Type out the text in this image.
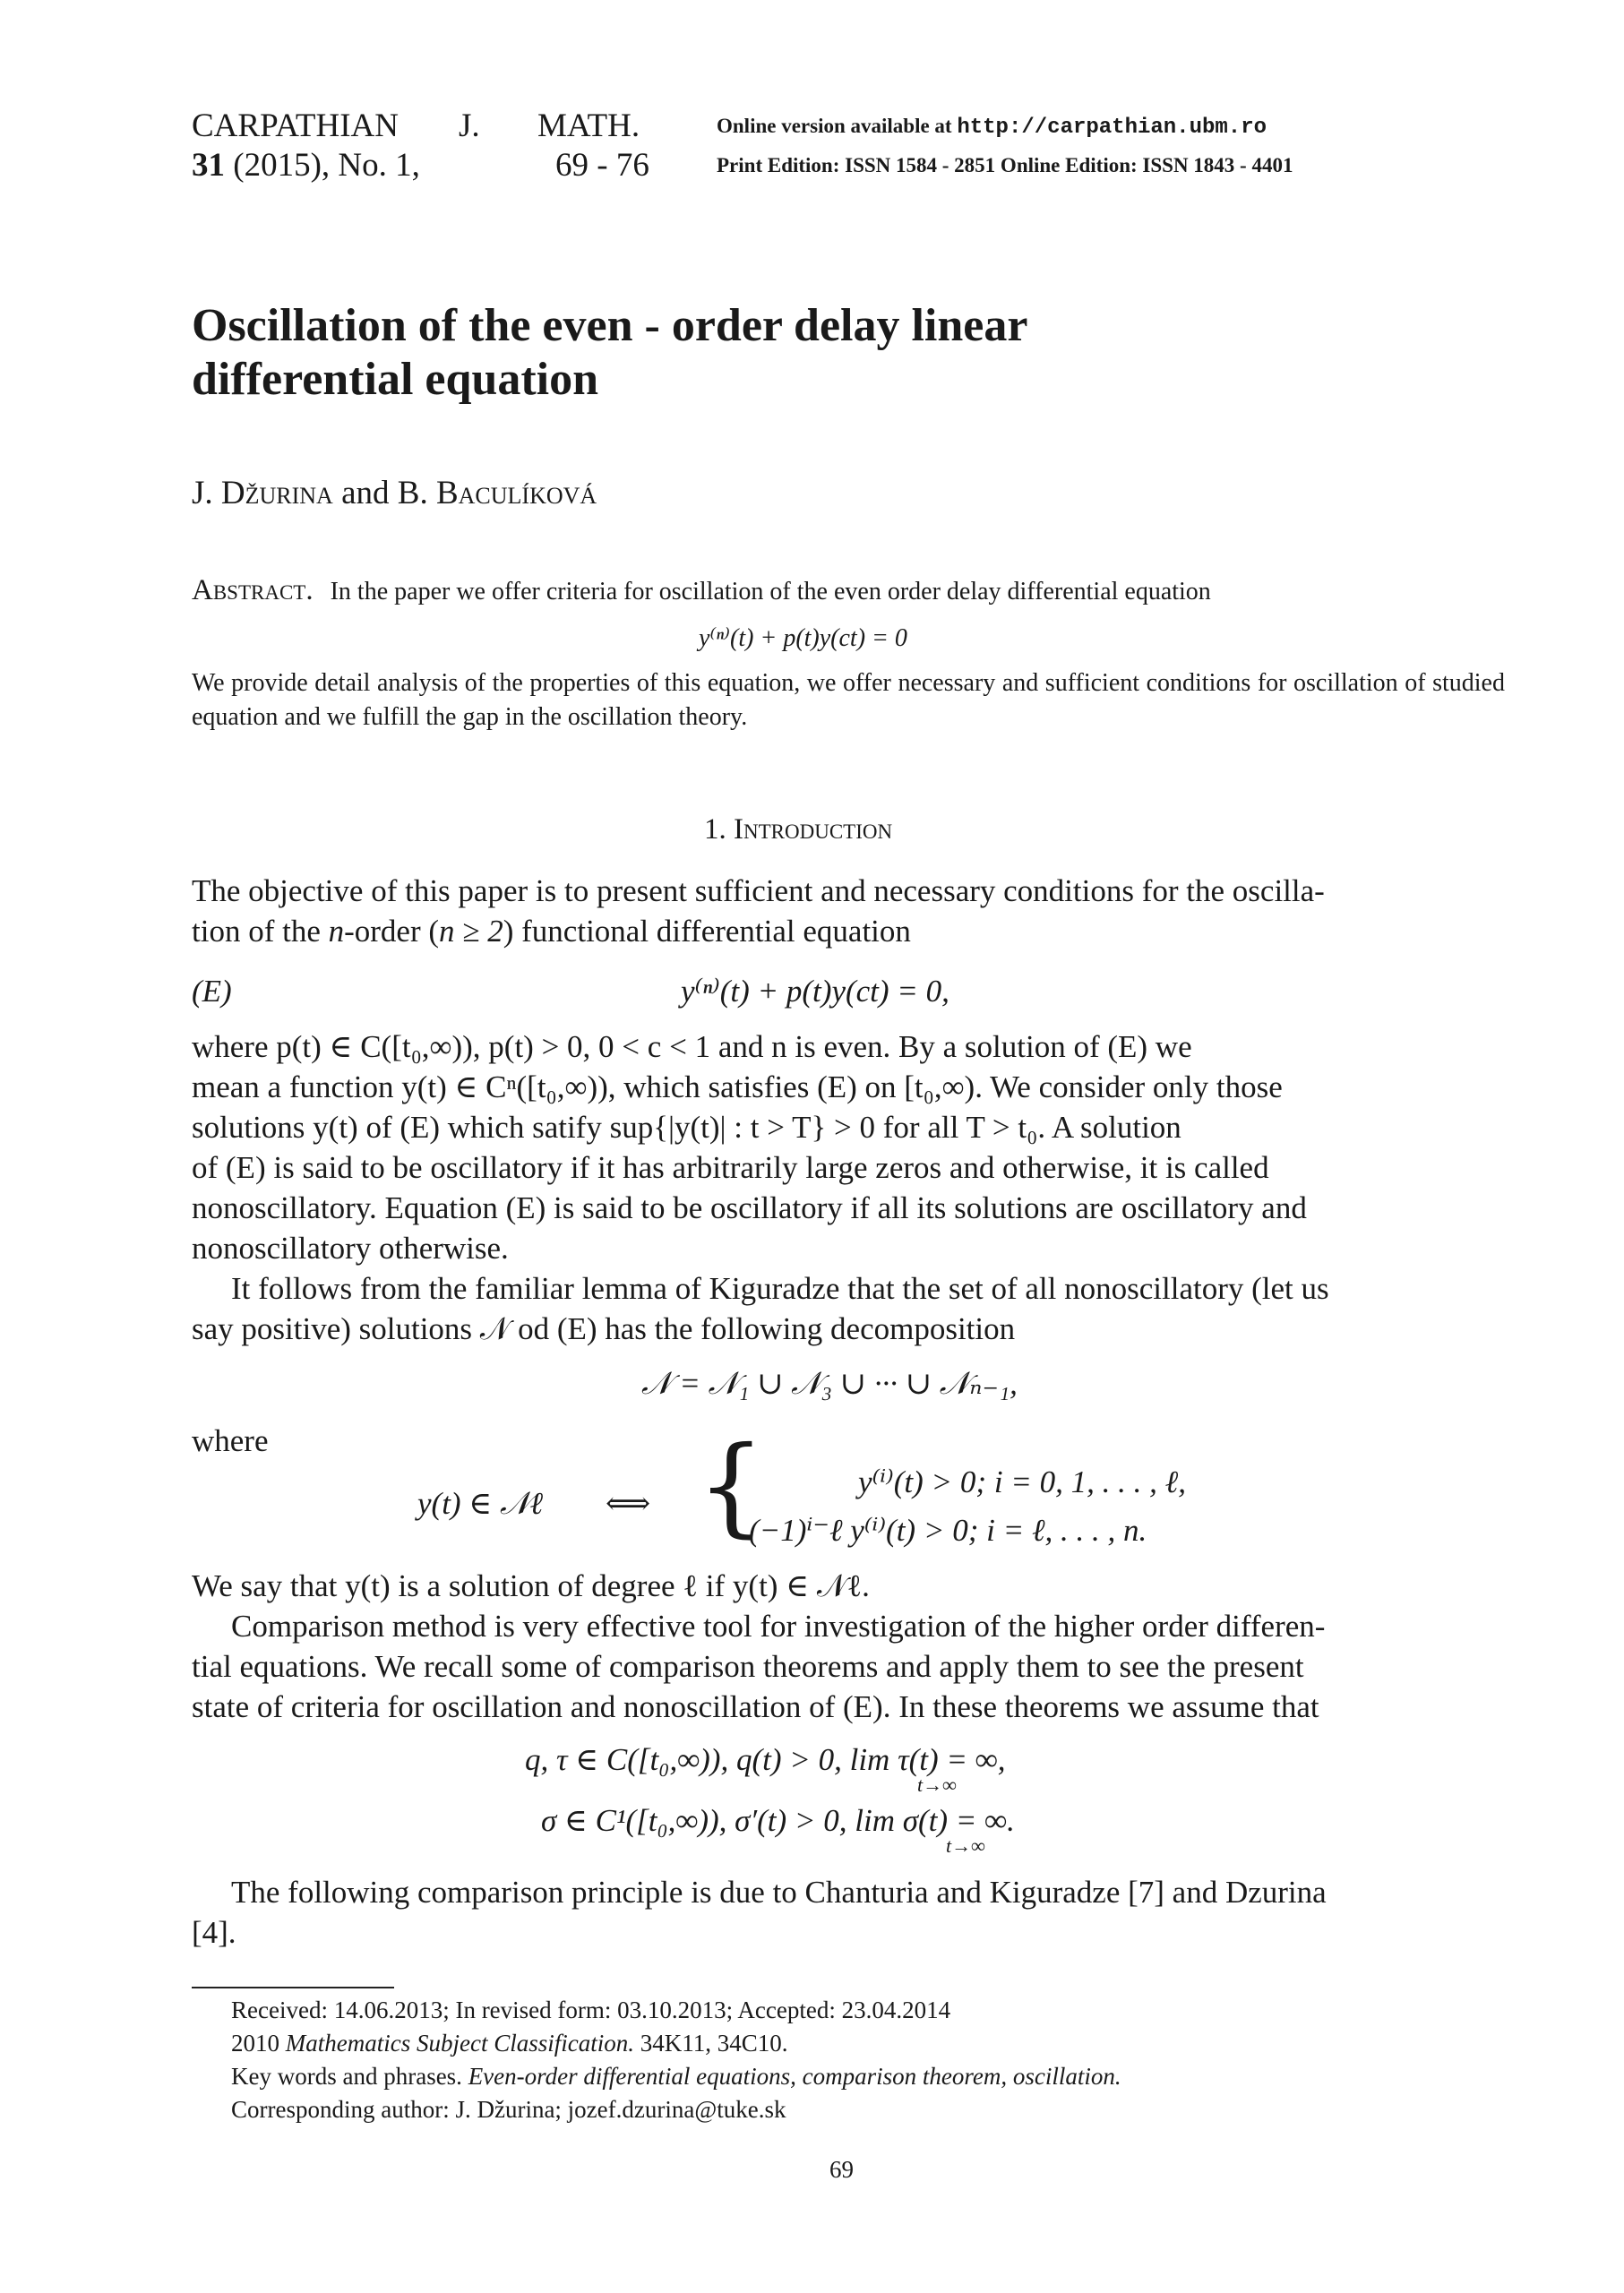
CARPATHIAN J. MATH.
31 (2015), No. 1,	69 - 76
Online version available at http://carpathian.ubm.ro
Print Edition: ISSN 1584 - 2851 Online Edition: ISSN 1843 - 4401
Oscillation of the even - order delay linear
differential equation
J. Džurina and B. Baculíková
Abstract. In the paper we offer criteria for oscillation of the even order delay differential equation
y⁽ⁿ⁾(t) + p(t)y(ct) = 0
We provide detail analysis of the properties of this equation, we offer necessary and sufficient conditions for oscillation of studied equation and we fulfill the gap in the oscillation theory.
1. Introduction
The objective of this paper is to present sufficient and necessary conditions for the oscilla-
tion of the n-order (n ≥ 2) functional differential equation
(E)	y⁽ⁿ⁾(t) + p(t)y(ct) = 0,
where p(t) ∈ C([t₀,∞)), p(t) > 0, 0 < c < 1 and n is even. By a solution of (E) we
mean a function y(t) ∈ Cⁿ([t₀,∞)), which satisfies (E) on [t₀,∞). We consider only those
solutions y(t) of (E) which satify sup{|y(t)| : t > T} > 0 for all T > t₀. A solution
of (E) is said to be oscillatory if it has arbitrarily large zeros and otherwise, it is called
nonoscillatory. Equation (E) is said to be oscillatory if all its solutions are oscillatory and
nonoscillatory otherwise.
It follows from the familiar lemma of Kiguradze that the set of all nonoscillatory (let us
say positive) solutions 𝒩 od (E) has the following decomposition
𝒩 = 𝒩₁ ∪ 𝒩₃ ∪ ··· ∪ 𝒩ₙ₋₁,
where
y(t) ∈ 𝒩ℓ ⟺ {	y⁽ⁱ⁾(t) > 0; i = 0, 1, . . . , ℓ,
(−1)ⁱ⁻ℓ y⁽ⁱ⁾(t) > 0; i = ℓ, . . . , n.
We say that y(t) is a solution of degree ℓ if y(t) ∈ 𝒩ℓ.
Comparison method is very effective tool for investigation of the higher order differen-
tial equations. We recall some of comparison theorems and apply them to see the present
state of criteria for oscillation and nonoscillation of (E). In these theorems we assume that
q, τ ∈ C([t₀,∞)), q(t) > 0, lim τ(t) = ∞,
t→∞
σ ∈ C¹([t₀,∞)), σ′(t) > 0, lim σ(t) = ∞.
t→∞
The following comparison principle is due to Chanturia and Kiguradze [7] and Dzurina
[4].
Received: 14.06.2013; In revised form: 03.10.2013; Accepted: 23.04.2014
2010 Mathematics Subject Classification. 34K11, 34C10.
Key words and phrases. Even-order differential equations, comparison theorem, oscillation.
Corresponding author: J. Džurina; jozef.dzurina@tuke.sk
69
